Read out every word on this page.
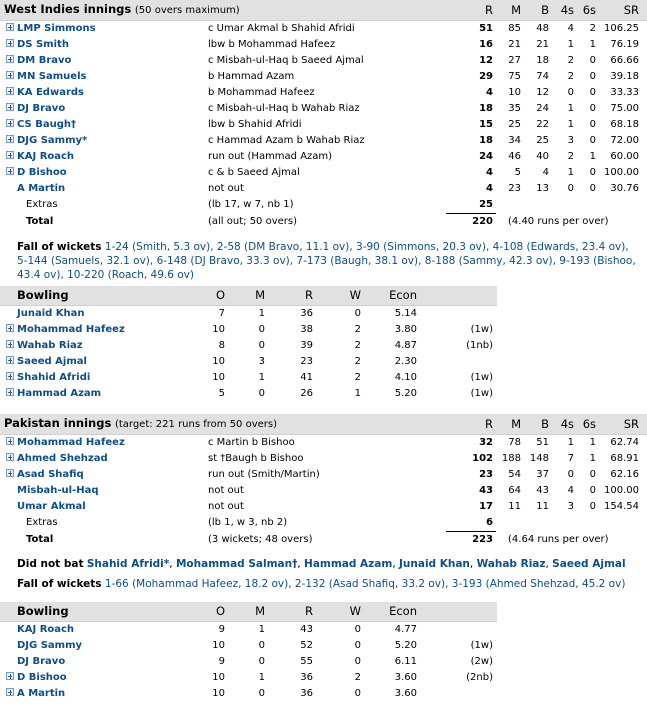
West Indies innings (50 overs maximum)		R	M	B	4s	6s	SR
LMP Simmons	c Umar Akmal b Shahid Afridi	51	85	48	4	2	106.25
DS Smith	lbw b Mohammad Hafeez	16	21	21	1	1	76.19
DM Bravo	c Misbah-ul-Haq b Saeed Ajmal	12	27	18	2	0	66.66
MN Samuels	b Hammad Azam	29	75	74	2	0	39.18
KA Edwards	b Mohammad Hafeez	4	10	12	0	0	33.33
DJ Bravo	c Misbah-ul-Haq b Wahab Riaz	18	35	24	1	0	75.00
CS Baugh†	lbw b Shahid Afridi	15	25	22	1	0	68.18
DJG Sammy*	c Hammad Azam b Wahab Riaz	18	34	25	3	0	72.00
KAJ Roach	run out (Hammad Azam)	24	46	40	2	1	60.00
D Bishoo	c & b Saeed Ajmal	4	5	4	1	0	100.00
A Martin	not out	4	23	13	0	0	30.76
Extras	(lb 17, w 7, nb 1)	25					
Total	(all out; 50 overs)	220	(4.40 runs per over)				
Fall of wickets 1-24 (Smith, 5.3 ov), 2-58 (DM Bravo, 11.1 ov), 3-90 (Simmons, 20.3 ov), 4-108 (Edwards, 23.4 ov), 5-144 (Samuels, 32.1 ov), 6-148 (DJ Bravo, 33.3 ov), 7-173 (Baugh, 38.1 ov), 8-188 (Sammy, 42.3 ov), 9-193 (Bishoo, 43.4 ov), 10-220 (Roach, 49.6 ov)
Bowling	O	M	R	W	Econ	
Junaid Khan	7	1	36	0	5.14	
Mohammad Hafeez	10	0	38	2	3.80	(1w)
Wahab Riaz	8	0	39	2	4.87	(1nb)
Saeed Ajmal	10	3	23	2	2.30	
Shahid Afridi	10	1	41	2	4.10	(1w)
Hammad Azam	5	0	26	1	5.20	(1w)
Pakistan innings (target: 221 runs from 50 overs)		R	M	B	4s	6s	SR
Mohammad Hafeez	c Martin b Bishoo	32	78	51	1	1	62.74
Ahmed Shehzad	st †Baugh b Bishoo	102	188	148	7	1	68.91
Asad Shafiq	run out (Smith/Martin)	23	54	37	0	0	62.16
Misbah-ul-Haq	not out	43	64	43	4	0	100.00
Umar Akmal	not out	17	11	11	3	0	154.54
Extras	(lb 1, w 3, nb 2)	6					
Total	(3 wickets; 48 overs)	223	(4.64 runs per over)				
Did not bat Shahid Afridi*, Mohammad Salman†, Hammad Azam, Junaid Khan, Wahab Riaz, Saeed Ajmal
Fall of wickets 1-66 (Mohammad Hafeez, 18.2 ov), 2-132 (Asad Shafiq, 33.2 ov), 3-193 (Ahmed Shehzad, 45.2 ov)
Bowling	O	M	R	W	Econ	
KAJ Roach	9	1	43	0	4.77	
DJG Sammy	10	0	52	0	5.20	(1w)
DJ Bravo	9	0	55	0	6.11	(2w)
D Bishoo	10	1	36	2	3.60	(2nb)
A Martin	10	0	36	0	3.60	
